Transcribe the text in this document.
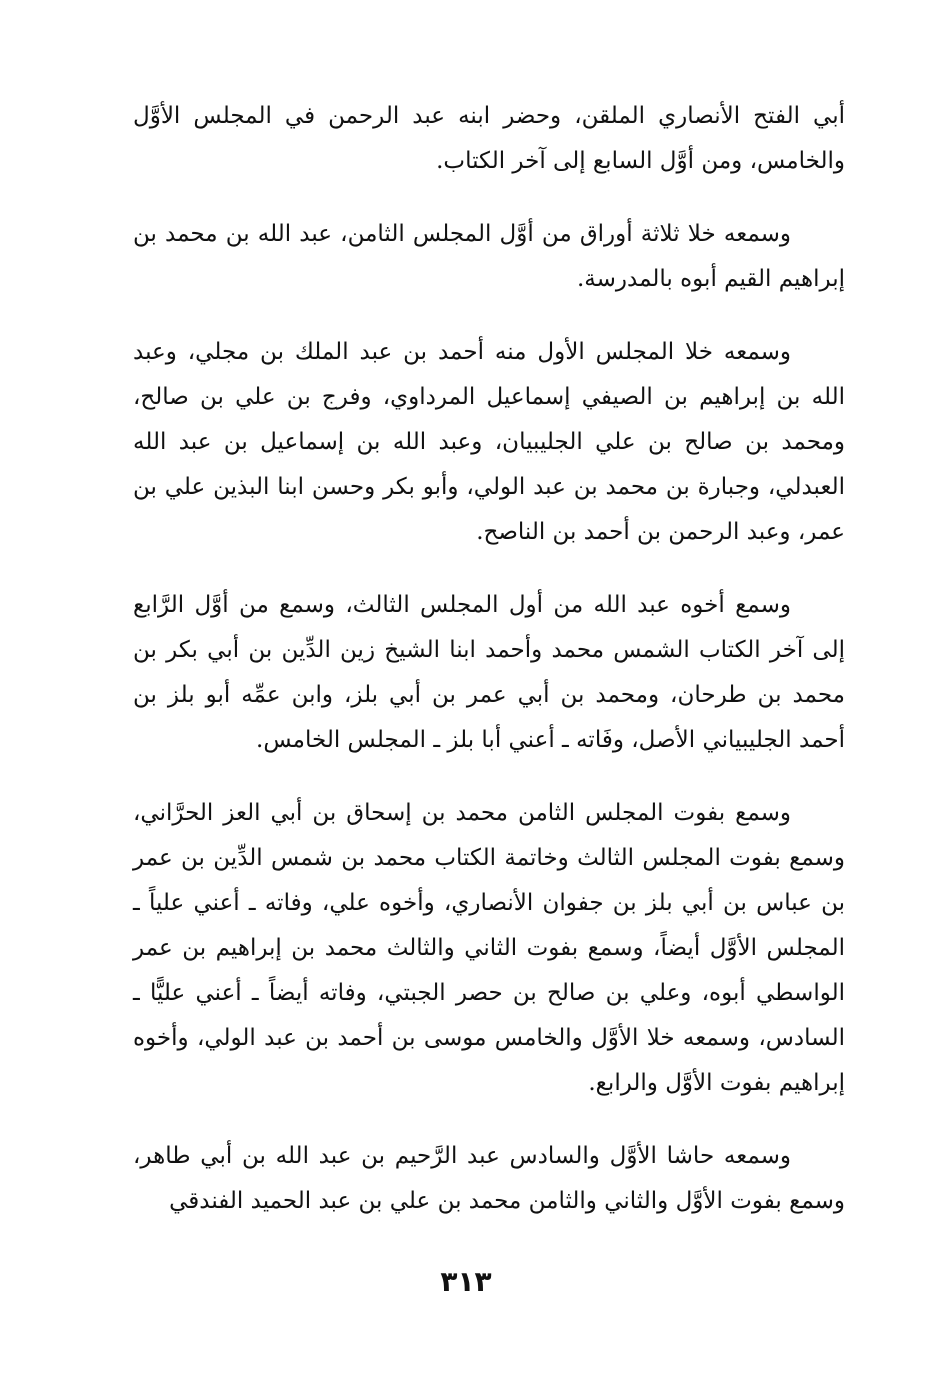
أبي الفتح الأنصاري الملقن، وحضر ابنه عبد الرحمن في المجلس الأوَّل والخامس، ومن أوَّل السابع إلى آخر الكتاب.

وسمعه خلا ثلاثة أوراق من أوَّل المجلس الثامن، عبد الله بن محمد بن إبراهيم القيم أبوه بالمدرسة.

وسمعه خلا المجلس الأول منه أحمد بن عبد الملك بن مجلي، وعبد الله بن إبراهيم بن الصيفي إسماعيل المرداوي، وفرج بن علي بن صالح، ومحمد بن صالح بن علي الجليبيان، وعبد الله بن إسماعيل بن عبد الله العبدلي، وجبارة بن محمد بن عبد الولي، وأبو بكر وحسن ابنا البذين علي بن عمر، وعبد الرحمن بن أحمد بن الناصح.

وسمع أخوه عبد الله من أول المجلس الثالث، وسمع من أوَّل الرَّابع إلى آخر الكتاب الشمس محمد وأحمد ابنا الشيخ زين الدِّين بن أبي بكر بن محمد بن طرحان، ومحمد بن أبي عمر بن أبي بلز، وابن عمِّه أبو بلز بن أحمد الجليبياني الأصل، وفَاته ـ أعني أبا بلز ـ المجلس الخامس.

وسمع بفوت المجلس الثامن محمد بن إسحاق بن أبي العز الحرَّاني، وسمع بفوت المجلس الثالث وخاتمة الكتاب محمد بن شمس الدِّين بن عمر بن عباس بن أبي بلز بن جفوان الأنصاري، وأخوه علي، وفاته ـ أعني علياً ـ المجلس الأوَّل أيضاً، وسمع بفوت الثاني والثالث محمد بن إبراهيم بن عمر الواسطي أبوه، وعلي بن صالح بن حصر الجبتي، وفاته أيضاً ـ أعني عليًّا ـ السادس، وسمعه خلا الأوَّل والخامس موسى بن أحمد بن عبد الولي، وأخوه إبراهيم بفوت الأوَّل والرابع.

وسمعه حاشا الأوَّل والسادس عبد الرَّحيم بن عبد الله بن أبي طاهر، وسمع بفوت الأوَّل والثاني والثامن محمد بن علي بن عبد الحميد الفندقي

٣١٣
